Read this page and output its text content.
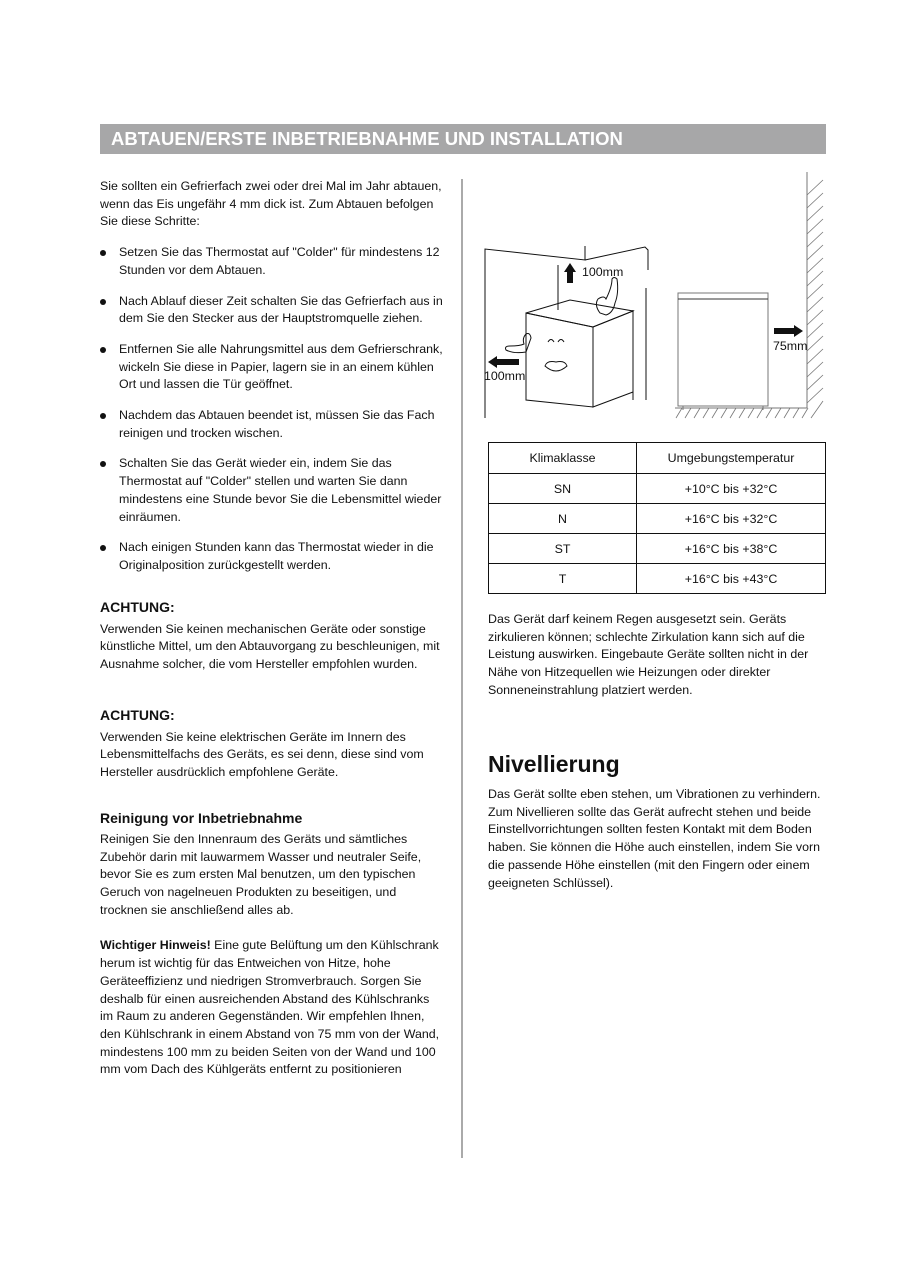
ABTAUEN/ERSTE INBETRIEBNAHME UND INSTALLATION

Sie sollten ein Gefrierfach zwei oder drei Mal im Jahr abtauen, wenn das Eis ungefähr 4 mm dick ist. Zum Abtauen befolgen Sie diese Schritte:

Setzen Sie das Thermostat auf "Colder" für mindestens 12 Stunden vor dem Abtauen.
Nach Ablauf dieser Zeit schalten Sie das Gefrierfach aus in dem Sie den Stecker aus der Hauptstromquelle ziehen.
Entfernen Sie alle Nahrungsmittel aus dem Gefrierschrank, wickeln Sie diese in Papier, lagern sie in an einem kühlen Ort und lassen die Tür geöffnet.
Nachdem das Abtauen beendet ist, müssen Sie das Fach reinigen und trocken wischen.
Schalten Sie das Gerät wieder ein, indem Sie das Thermostat auf "Colder" stellen und warten Sie dann mindestens eine Stunde bevor Sie die Lebensmittel wieder einräumen.
Nach einigen Stunden kann das Thermostat wieder in die Originalposition zurückgestellt werden.
ACHTUNG:

Verwenden Sie keinen mechanischen Geräte oder sonstige künstliche Mittel, um den Abtauvorgang zu beschleunigen, mit Ausnahme solcher, die vom Hersteller empfohlen wurden.

ACHTUNG:

Verwenden Sie keine elektrischen Geräte im Innern des Lebensmittelfachs des Geräts, es sei denn, diese sind vom Hersteller ausdrücklich empfohlene Geräte.

Reinigung vor Inbetriebnahme

Reinigen Sie den Innenraum des Geräts und sämtliches Zubehör darin mit lauwarmem Wasser und neutraler Seife, bevor Sie es zum ersten Mal benutzen, um den typischen Geruch von nagelneuen Produkten zu beseitigen, und trocknen sie anschließend alles ab.

Wichtiger Hinweis! Eine gute Belüftung um den Kühlschrank herum ist wichtig für das Entweichen von Hitze, hohe Geräteeffizienz und niedrigen Stromverbrauch. Sorgen Sie deshalb für einen ausreichenden Abstand des Kühlschranks im Raum zu anderen Gegenständen. Wir empfehlen Ihnen, den Kühlschrank in einem Abstand von 75 mm von der Wand, mindestens 100 mm zu beiden Seiten von der Wand und 100 mm vom Dach des Kühlgeräts entfernt zu positionieren

100mm
100mm
75mm
Klimaklasse	Umgebungstemperatur
SN	+10°C bis +32°C
N	+16°C bis +32°C
ST	+16°C bis +38°C
T	+16°C bis +43°C

Das Gerät darf keinem Regen ausgesetzt sein. Geräts zirkulieren können; schlechte Zirkulation kann sich auf die Leistung auswirken. Eingebaute Geräte sollten nicht in der Nähe von Hitzequellen wie Heizungen oder direkter Sonneneinstrahlung platziert werden.

Nivellierung

Das Gerät sollte eben stehen, um Vibrationen zu verhindern. Zum Nivellieren sollte das Gerät aufrecht stehen und beide Einstellvorrichtungen sollten festen Kontakt mit dem Boden haben. Sie können die Höhe auch einstellen, indem Sie vorn die passende Höhe einstellen (mit den Fingern oder einem geeigneten Schlüssel).
